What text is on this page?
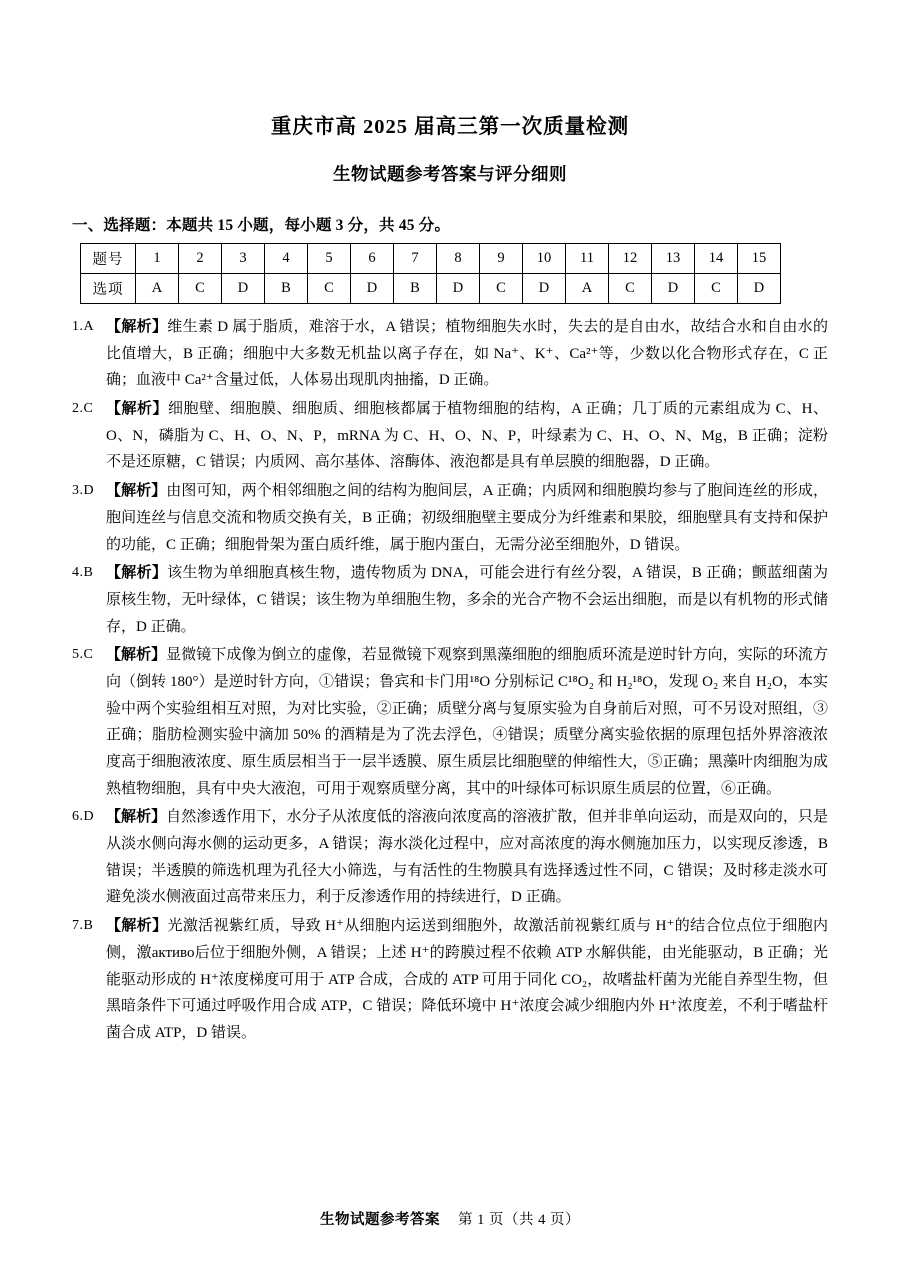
重庆市高 2025 届高三第一次质量检测
生物试题参考答案与评分细则
一、选择题：本题共 15 小题，每小题 3 分，共 45 分。
题号	1	2	3	4	5	6	7	8	9	10	11	12	13	14	15
选项	A	C	D	B	C	D	B	D	C	D	A	C	D	C	D
1.A 【解析】维生素 D 属于脂质，难溶于水，A 错误；植物细胞失水时，失去的是自由水，故结合水和自由水的比值增大，B 正确；细胞中大多数无机盐以离子存在，如 Na⁺、K⁺、Ca²⁺等，少数以化合物形式存在，C 正确；血液中 Ca²⁺含量过低，人体易出现肌肉抽搐，D 正确。
2.C 【解析】细胞壁、细胞膜、细胞质、细胞核都属于植物细胞的结构，A 正确；几丁质的元素组成为 C、H、O、N，磷脂为 C、H、O、N、P，mRNA 为 C、H、O、N、P，叶绿素为 C、H、O、N、Mg，B 正确；淀粉不是还原糖，C 错误；内质网、高尔基体、溶酶体、液泡都是具有单层膜的细胞器，D 正确。
3.D 【解析】由图可知，两个相邻细胞之间的结构为胞间层，A 正确；内质网和细胞膜均参与了胞间连丝的形成，胞间连丝与信息交流和物质交换有关，B 正确；初级细胞壁主要成分为纤维素和果胶，细胞壁具有支持和保护的功能，C 正确；细胞骨架为蛋白质纤维，属于胞内蛋白，无需分泌至细胞外，D 错误。
4.B 【解析】该生物为单细胞真核生物，遗传物质为 DNA，可能会进行有丝分裂，A 错误，B 正确；颤蓝细菌为原核生物，无叶绿体，C 错误；该生物为单细胞生物，多余的光合产物不会运出细胞，而是以有机物的形式储存，D 正确。
5.C 【解析】显微镜下成像为倒立的虚像，若显微镜下观察到黑藻细胞的细胞质环流是逆时针方向，实际的环流方向（倒转 180°）是逆时针方向，①错误；鲁宾和卡门用¹⁸O 分别标记 C¹⁸O₂ 和 H₂¹⁸O，发现 O₂ 来自 H₂O，本实验中两个实验组相互对照，为对比实验，②正确；质壁分离与复原实验为自身前后对照，可不另设对照组，③正确；脂肪检测实验中滴加 50% 的酒精是为了洗去浮色，④错误；质壁分离实验依据的原理包括外界溶液浓度高于细胞液浓度、原生质层相当于一层半透膜、原生质层比细胞壁的伸缩性大，⑤正确；黑藻叶肉细胞为成熟植物细胞，具有中央大液泡，可用于观察质壁分离，其中的叶绿体可标识原生质层的位置，⑥正确。
6.D 【解析】自然渗透作用下，水分子从浓度低的溶液向浓度高的溶液扩散，但并非单向运动，而是双向的，只是从淡水侧向海水侧的运动更多，A 错误；海水淡化过程中，应对高浓度的海水侧施加压力，以实现反渗透，B 错误；半透膜的筛选机理为孔径大小筛选，与有活性的生物膜具有选择透过性不同，C 错误；及时移走淡水可避免淡水侧液面过高带来压力，利于反渗透作用的持续进行，D 正确。
7.B 【解析】光激活视紫红质，导致 H⁺从细胞内运送到细胞外，故激活前视紫红质与 H⁺的结合位点位于细胞内侧，激активо后位于细胞外侧，A 错误；上述 H⁺的跨膜过程不依赖 ATP 水解供能，由光能驱动，B 正确；光能驱动形成的 H⁺浓度梯度可用于 ATP 合成，合成的 ATP 可用于同化 CO₂，故嗜盐杆菌为光能自养型生物，但黑暗条件下可通过呼吸作用合成 ATP，C 错误；降低环境中 H⁺浓度会减少细胞内外 H⁺浓度差，不利于嗜盐杆菌合成 ATP，D 错误。
生物试题参考答案 第 1 页（共 4 页）
